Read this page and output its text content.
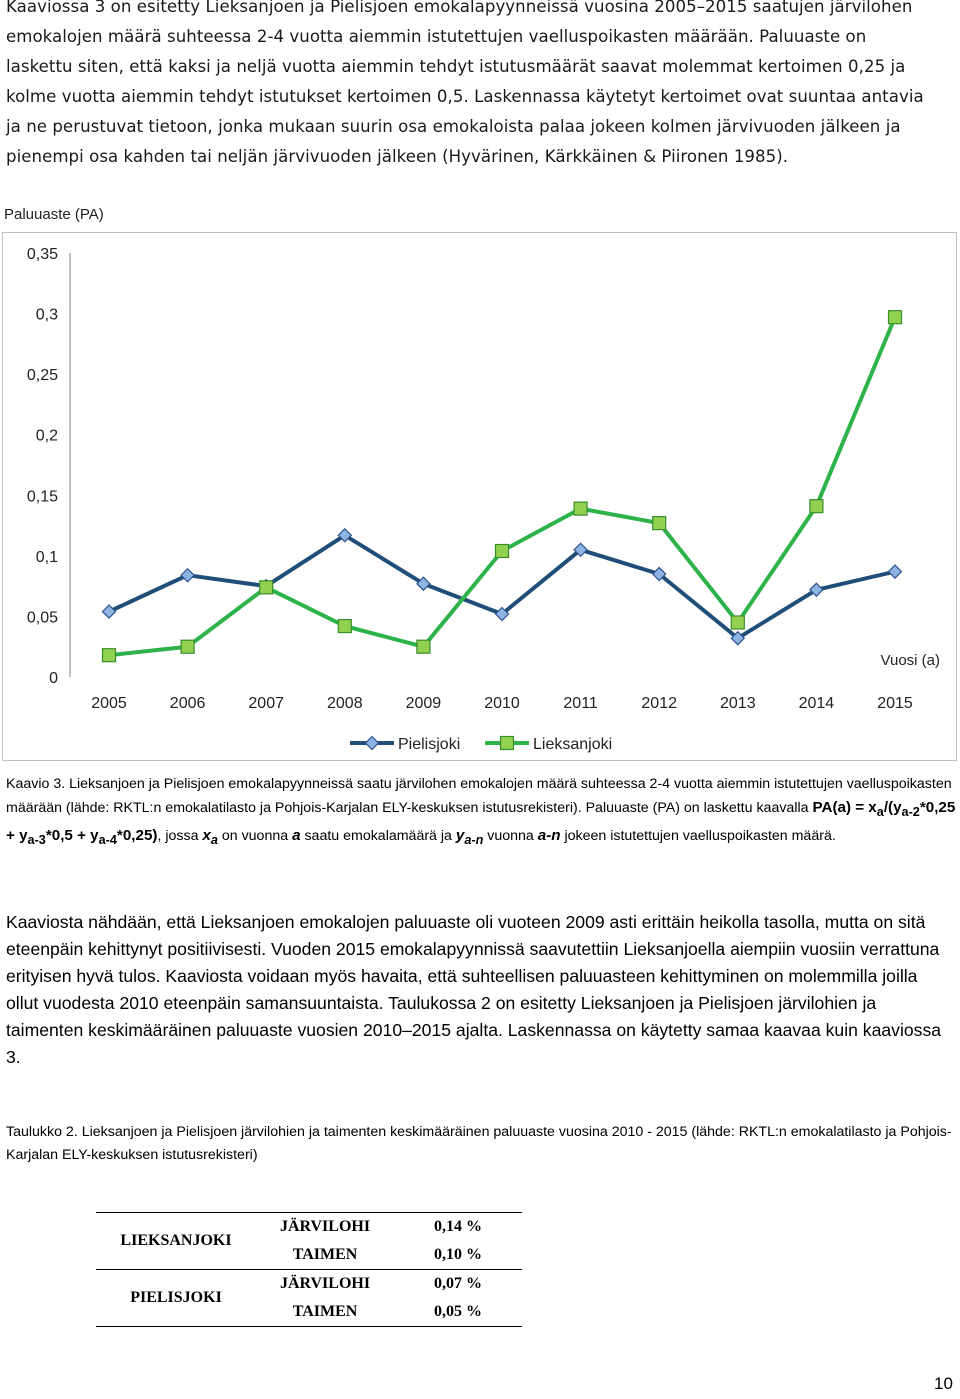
Kaaviossa 3 on esitetty Lieksanjoen ja Pielisjoen emokalapyynneissä vuosina 2005–2015 saatujen järvilohen
emokalojen määrä suhteessa 2-4 vuotta aiemmin istutettujen vaelluspoikasten määrään. Paluuaste on
laskettu siten, että kaksi ja neljä vuotta aiemmin tehdyt istutusmäärät saavat molemmat kertoimen 0,25 ja
kolme vuotta aiemmin tehdyt istutukset kertoimen 0,5. Laskennassa käytetyt kertoimet ovat suuntaa antavia
ja ne perustuvat tietoon, jonka mukaan suurin osa emokaloista palaa jokeen kolmen järvivuoden jälkeen ja
pienempi osa kahden tai neljän järvivuoden jälkeen (Hyvärinen, Kärkkäinen & Piironen 1985).
Paluuaste (PA)
0
0,05
0,1
0,15
0,2
0,25
0,3
0,35
2005	2006	2007	2008	2009	2010	2011	2012	2013	2014	2015
Vuosi (a)
Pielisjoki	Lieksanjoki
Kaavio 3. Lieksanjoen ja Pielisjoen emokalapyynneissä saatu järvilohen emokalojen määrä suhteessa 2-4 vuotta aiemmin istutettujen vaelluspoikasten määrään (lähde: RKTL:n emokalatilasto ja Pohjois-Karjalan ELY-keskuksen istutusrekisteri). Paluuaste (PA) on laskettu kaavalla $PA(a) = x_a/(y_{a-2}*0,25 + y_{a-3}*0,5 + y_{a-4}*0,25)$, jossa $x_a$ on vuonna a saatu emokalamäärä ja $y_{a-n}$ vuonna a-n jokeen istutettujen vaelluspoikasten määrä.
Kaaviosta nähdään, että Lieksanjoen emokalojen paluuaste oli vuoteen 2009 asti erittäin heikolla tasolla, mutta on sitä eteenpäin kehittynyt positiivisesti. Vuoden 2015 emokalapyynnissä saavutettiin Lieksanjoella aiempiin vuosiin verrattuna erityisen hyvä tulos. Kaaviosta voidaan myös havaita, että suhteellisen paluuasteen kehittyminen on molemmilla joilla ollut vuodesta 2010 eteenpäin samansuuntaista. Taulukossa 2 on esitetty Lieksanjoen ja Pielisjoen järvilohien ja taimenten keskimääräinen paluuaste vuosien 2010–2015 ajalta. Laskennassa on käytetty samaa kaavaa kuin kaaviossa 3.
Taulukko 2. Lieksanjoen ja Pielisjoen järvilohien ja taimenten keskimääräinen paluuaste vuosina 2010 - 2015 (lähde: RKTL:n emokalatilasto ja Pohjois-Karjalan ELY-keskuksen istutusrekisteri)
LIEKSANJOKI	JÄRVILOHI	0,14 %
	TAIMEN	0,10 %
PIELISJOKI	JÄRVILOHI	0,07 %
	TAIMEN	0,05 %
10
